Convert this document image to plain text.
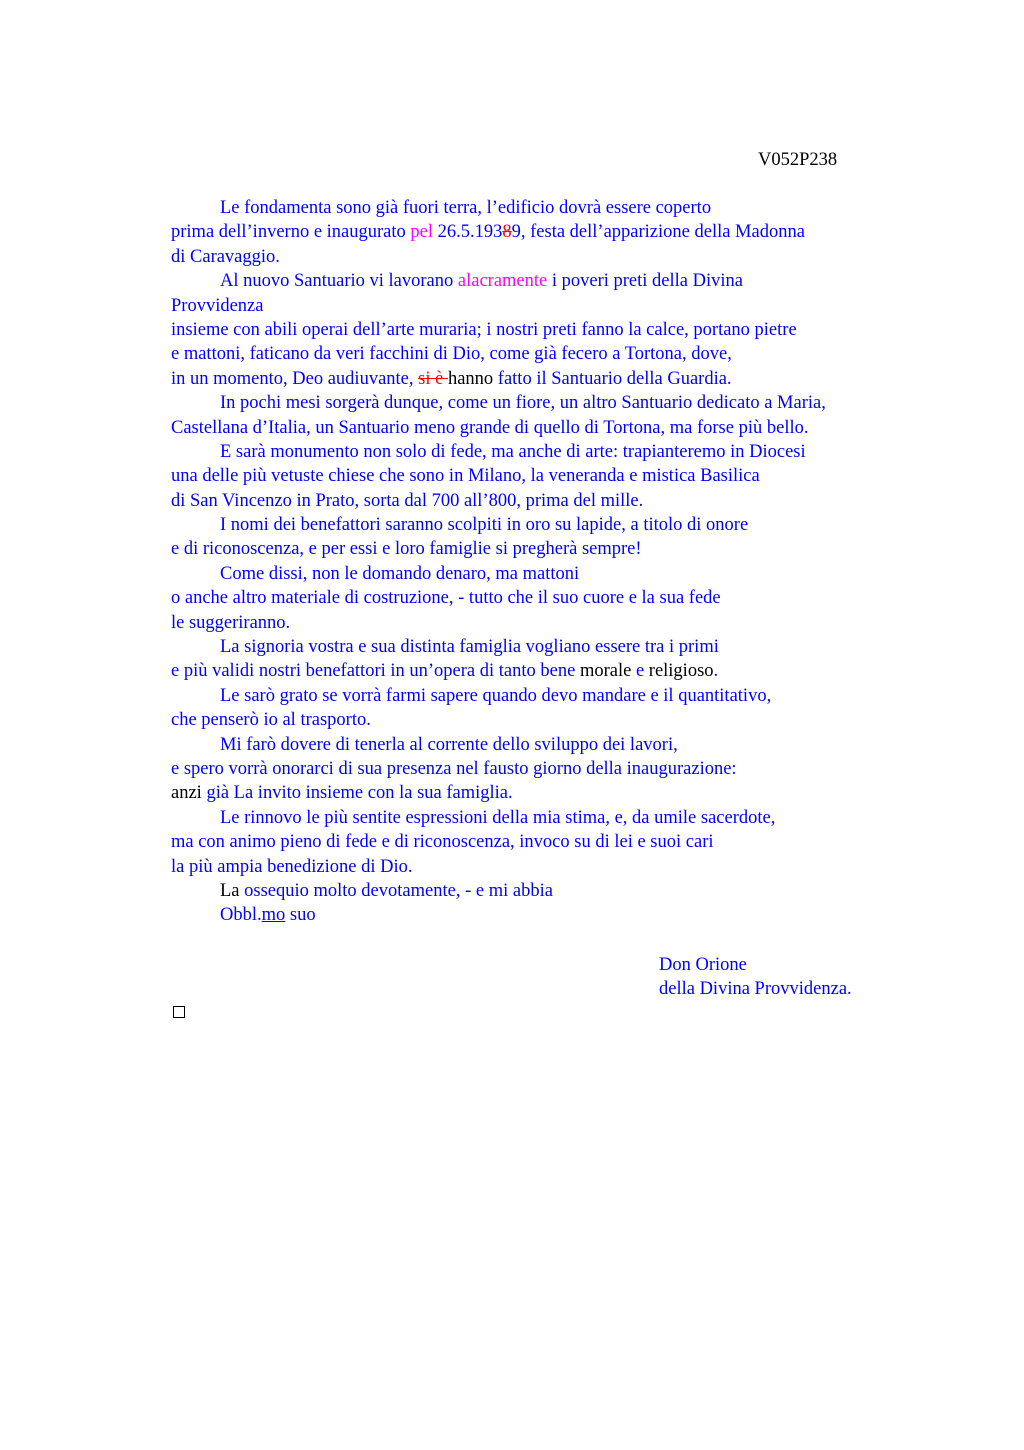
V052P238
Le fondamenta sono già fuori terra, l’edificio dovrà essere coperto
prima dell’inverno e inaugurato pel 26.5.19389, festa dell’apparizione della Madonna
di Caravaggio.
Al nuovo Santuario vi lavorano alacramente i poveri preti della Divina
Provvidenza
insieme con abili operai dell’arte muraria; i nostri preti fanno la calce, portano pietre
e mattoni, faticano da veri facchini di Dio, come già fecero a Tortona, dove,
in un momento, Deo audiuvante, si è hanno fatto il Santuario della Guardia.
In pochi mesi sorgerà dunque, come un fiore, un altro Santuario dedicato a Maria,
Castellana d’Italia, un Santuario meno grande di quello di Tortona, ma forse più bello.
E sarà monumento non solo di fede, ma anche di arte: trapianteremo in Diocesi
una delle più vetuste chiese che sono in Milano, la veneranda e mistica Basilica
di San Vincenzo in Prato, sorta dal 700 all’800, prima del mille.
I nomi dei benefattori saranno scolpiti in oro su lapide, a titolo di onore
e di riconoscenza, e per essi e loro famiglie si pregherà sempre!
Come dissi, non le domando denaro, ma mattoni
o anche altro materiale di costruzione, - tutto che il suo cuore e la sua fede
le suggeriranno.
La signoria vostra e sua distinta famiglia vogliano essere tra i primi
e più validi nostri benefattori in un’opera di tanto bene morale e religioso.
Le sarò grato se vorrà farmi sapere quando devo mandare e il quantitativo,
che penserò io al trasporto.
Mi farò dovere di tenerla al corrente dello sviluppo dei lavori,
e spero vorrà onorarci di sua presenza nel fausto giorno della inaugurazione:
anzi già La invito insieme con la sua famiglia.
Le rinnovo le più sentite espressioni della mia stima, e, da umile sacerdote,
ma con animo pieno di fede e di riconoscenza, invoco su di lei e suoi cari
la più ampia benedizione di Dio.
La ossequio molto devotamente, - e mi abbia
Obbl.mo suo
Don Orione
della Divina Provvidenza.
